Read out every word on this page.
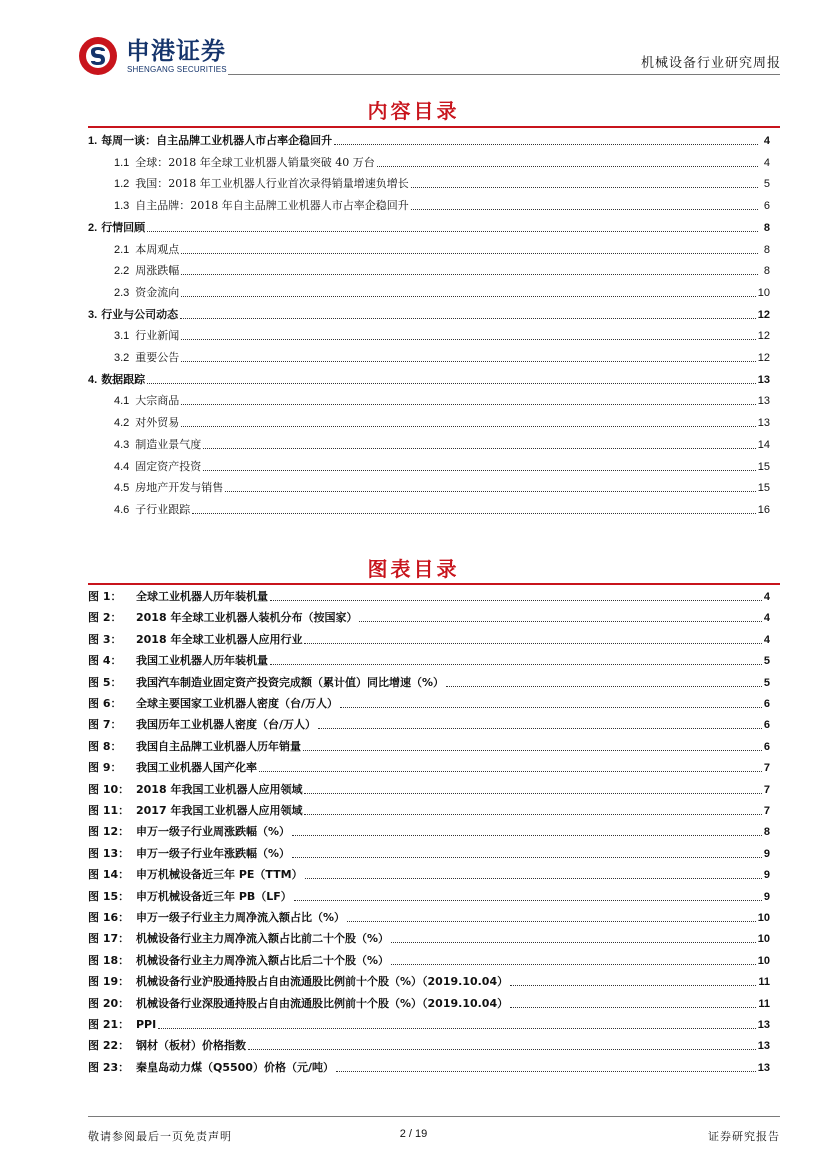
申港证券
SHENGANG SECURITIES	机械设备行业研究周报
内容目录
1. 每周一谈：自主品牌工业机器人市占率企稳回升	4
1.1 全球：2018 年全球工业机器人销量突破 40 万台	4
1.2 我国：2018 年工业机器人行业首次录得销量增速负增长	5
1.3 自主品牌：2018 年自主品牌工业机器人市占率企稳回升	6
2. 行情回顾	8
2.1 本周观点	8
2.2 周涨跌幅	8
2.3 资金流向	10
3. 行业与公司动态	12
3.1 行业新闻	12
3.2 重要公告	12
4. 数据跟踪	13
4.1 大宗商品	13
4.2 对外贸易	13
4.3 制造业景气度	14
4.4 固定资产投资	15
4.5 房地产开发与销售	15
4.6 子行业跟踪	16
图表目录
图 1：	全球工业机器人历年装机量	4
图 2：	2018 年全球工业机器人装机分布（按国家）	4
图 3：	2018 年全球工业机器人应用行业	4
图 4：	我国工业机器人历年装机量	5
图 5：	我国汽车制造业固定资产投资完成额（累计值）同比增速（%）	5
图 6：	全球主要国家工业机器人密度（台/万人）	6
图 7：	我国历年工业机器人密度（台/万人）	6
图 8：	我国自主品牌工业机器人历年销量	6
图 9：	我国工业机器人国产化率	7
图 10： 2018 年我国工业机器人应用领域	7
图 11： 2017 年我国工业机器人应用领域	7
图 12： 申万一级子行业周涨跌幅（%）	8
图 13： 申万一级子行业年涨跌幅（%）	9
图 14： 申万机械设备近三年 PE（TTM）	9
图 15： 申万机械设备近三年 PB（LF）	9
图 16： 申万一级子行业主力周净流入额占比（%）	10
图 17： 机械设备行业主力周净流入额占比前二十个股（%）	10
图 18： 机械设备行业主力周净流入额占比后二十个股（%）	10
图 19： 机械设备行业沪股通持股占自由流通股比例前十个股（%）（2019.10.04）	11
图 20： 机械设备行业深股通持股占自由流通股比例前十个股（%）（2019.10.04）	11
图 21： PPI	13
图 22： 钢材（板材）价格指数	13
图 23： 秦皇岛动力煤（Q5500）价格（元/吨）	13
敬请参阅最后一页免责声明	2 / 19	证券研究报告
